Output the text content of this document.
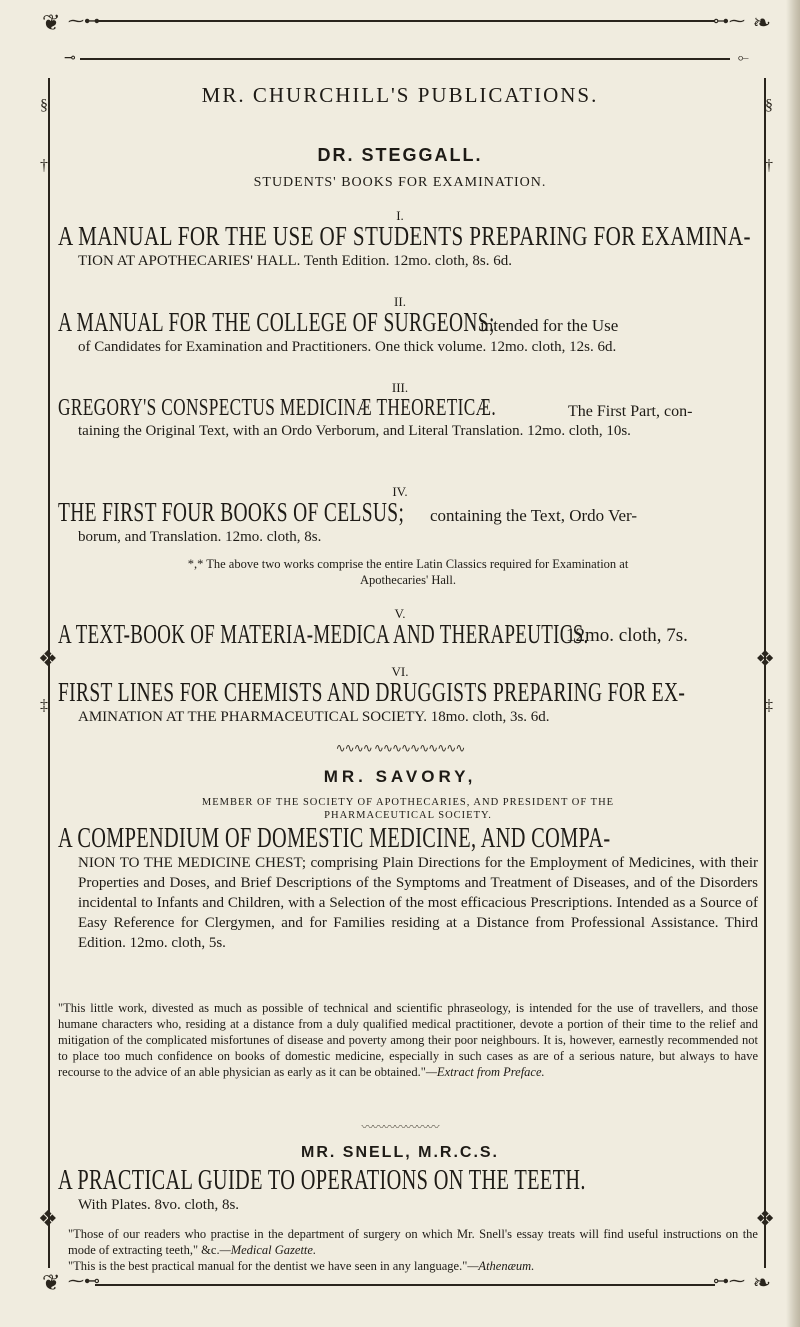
❦ ⁓⊷	❧
⊶⁓
❦ ⁓⊷	❧
⊶⁓
⊸	⟜
§	§
†	†
❖	❖
‡	‡
❖	❖
MR. CHURCHILL'S PUBLICATIONS.
DR. STEGGALL.
STUDENTS' BOOKS FOR EXAMINATION.
I.
A MANUAL FOR THE USE OF STUDENTS PREPARING FOR EXAMINA-
TION AT APOTHECARIES' HALL. Tenth Edition. 12mo. cloth, 8s. 6d.
II.
A MANUAL FOR THE COLLEGE OF SURGEONS;
intended for the Use
of Candidates for Examination and Practitioners. One thick volume. 12mo. cloth, 12s. 6d.
III.
GREGORY'S CONSPECTUS MEDICINÆ THEORETICÆ.	The First Part, con-
taining the Original Text, with an Ordo Verborum, and Literal Translation. 12mo. cloth, 10s.
IV.
THE FIRST FOUR BOOKS OF CELSUS; containing the Text, Ordo Ver-
borum, and Translation. 12mo. cloth, 8s.
*,* The above two works comprise the entire Latin Classics required for Examination at
Apothecaries' Hall.
V.
A TEXT-BOOK OF MATERIA-MEDICA AND THERAPEUTICS.
12mo. cloth, 7s.
VI.
FIRST LINES FOR CHEMISTS AND DRUGGISTS PREPARING FOR EX-
AMINATION AT THE PHARMACEUTICAL SOCIETY. 18mo. cloth, 3s. 6d.
∿∿∿∿ ∿∿∿∿∿∿∿∿∿∿
MR. SAVORY,
MEMBER OF THE SOCIETY OF APOTHECARIES, AND PRESIDENT OF THE
PHARMACEUTICAL SOCIETY.
A COMPENDIUM OF DOMESTIC MEDICINE, AND COMPA-
NION TO THE MEDICINE CHEST; comprising Plain Directions for the Employment of Medicines, with their Properties and Doses, and Brief Descriptions of the Symptoms and Treatment of Diseases, and of the Disorders incidental to Infants and Children, with a Selection of the most efficacious Prescriptions. Intended as a Source of Easy Reference for Clergymen, and for Families residing at a Distance from Professional Assistance. Third Edition. 12mo. cloth, 5s.
"This little work, divested as much as possible of technical and scientific phraseology, is intended for the use of travellers, and those humane characters who, residing at a distance from a duly qualified medical practitioner, devote a portion of their time to the relief and mitigation of the complicated misfortunes of disease and poverty among their poor neighbours. It is, however, earnestly recommended not to place too much confidence on books of domestic medicine, especially in such cases as are of a serious nature, but always to have recourse to the advice of an able physician as early as it can be obtained."—Extract from Preface.
〰〰〰〰〰〰〰
MR. SNELL, M.R.C.S.
A PRACTICAL GUIDE TO OPERATIONS ON THE TEETH.
With Plates. 8vo. cloth, 8s.
"Those of our readers who practise in the department of surgery on which Mr. Snell's essay treats will find useful instructions on the mode of extracting teeth," &c.—Medical Gazette.
"This is the best practical manual for the dentist we have seen in any language."—Athenæum.
